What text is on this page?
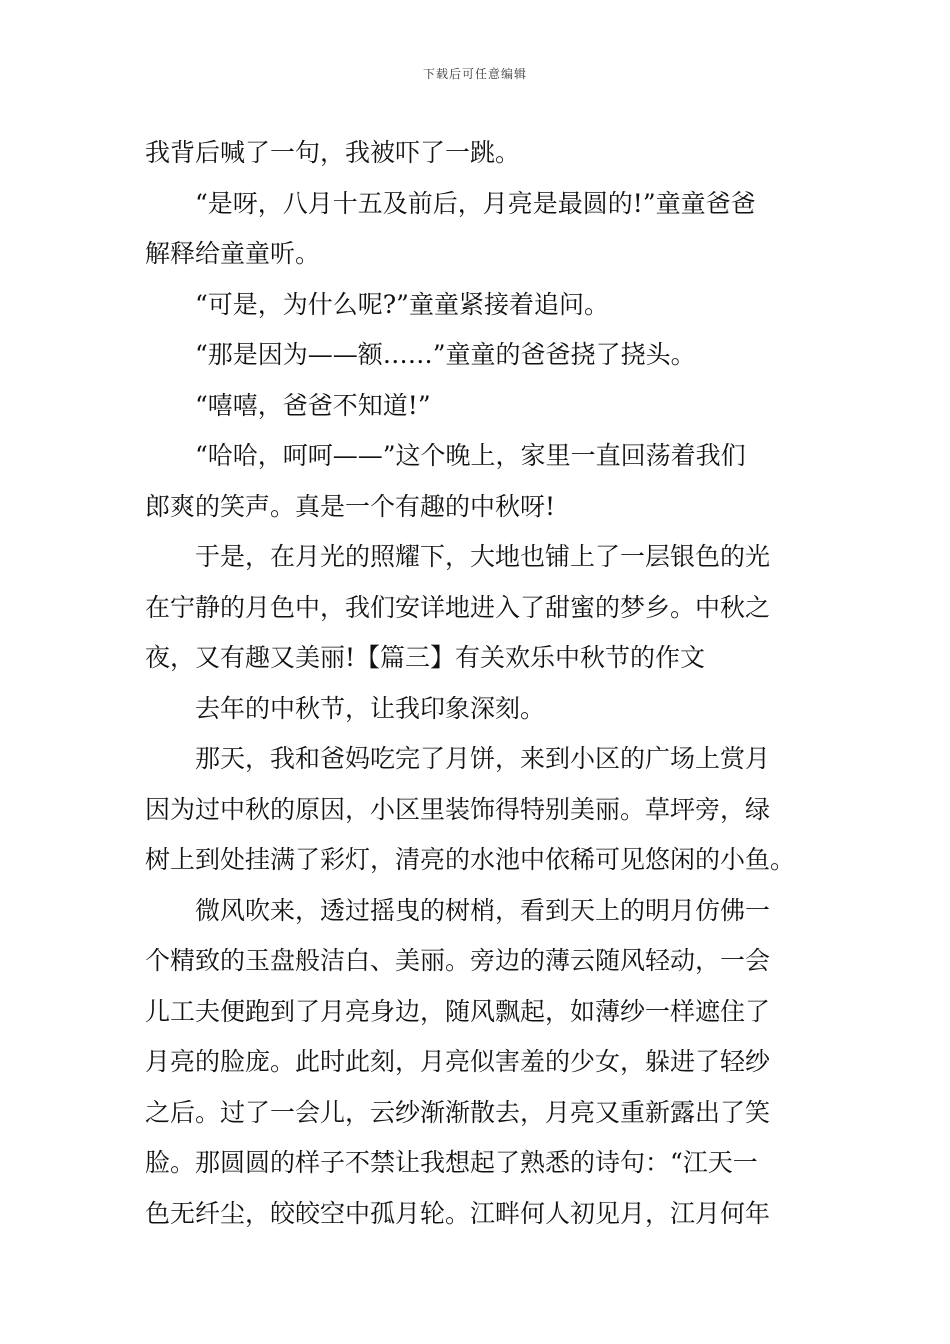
下载后可任意编辑
我背后喊了一句，我被吓了一跳。
“是呀，八月十五及前后，月亮是最圆的!”童童爸爸
解释给童童听。
“可是，为什么呢?”童童紧接着追问。
“那是因为——额……”童童的爸爸挠了挠头。
“嘻嘻，爸爸不知道!”
“哈哈，呵呵——”这个晚上，家里一直回荡着我们
郎爽的笑声。真是一个有趣的中秋呀!
于是，在月光的照耀下，大地也铺上了一层银色的光
在宁静的月色中，我们安详地进入了甜蜜的梦乡。中秋之
夜，又有趣又美丽!【篇三】有关欢乐中秋节的作文
去年的中秋节，让我印象深刻。
那天，我和爸妈吃完了月饼，来到小区的广场上赏月
因为过中秋的原因，小区里装饰得特别美丽。草坪旁，绿
树上到处挂满了彩灯，清亮的水池中依稀可见悠闲的小鱼。
微风吹来，透过摇曳的树梢，看到天上的明月仿佛一
个精致的玉盘般洁白、美丽。旁边的薄云随风轻动，一会
儿工夫便跑到了月亮身边，随风飘起，如薄纱一样遮住了
月亮的脸庞。此时此刻，月亮似害羞的少女，躲进了轻纱
之后。过了一会儿，云纱渐渐散去，月亮又重新露出了笑
脸。那圆圆的样子不禁让我想起了熟悉的诗句：“江天一
色无纤尘，皎皎空中孤月轮。江畔何人初见月，江月何年
